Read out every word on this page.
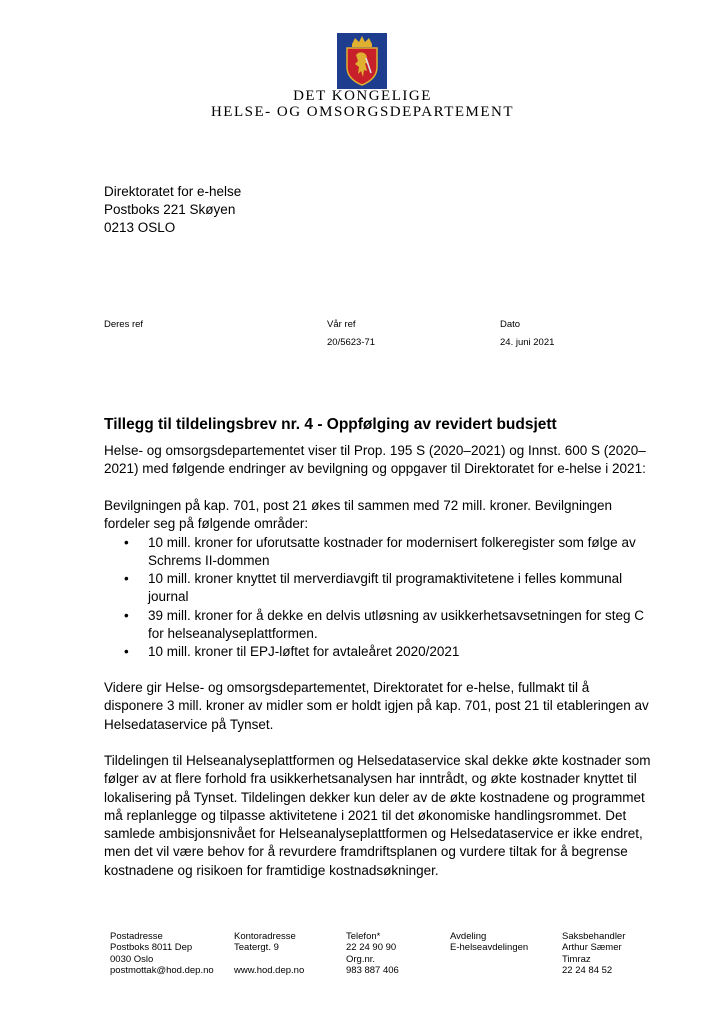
DET KONGELIGE
HELSE- OG OMSORGSDEPARTEMENT
Direktoratet for e-helse
Postboks 221 Skøyen
0213 OSLO
Deres ref	Vår ref
20/5623-71
Dato
24. juni 2021
Tillegg til tildelingsbrev nr. 4 - Oppfølging av revidert budsjett
Helse- og omsorgsdepartementet viser til Prop. 195 S (2020–2021) og Innst. 600 S (2020–
2021) med følgende endringer av bevilgning og oppgaver til Direktoratet for e-helse i 2021:
Bevilgningen på kap. 701, post 21 økes til sammen med 72 mill. kroner. Bevilgningen
fordeler seg på følgende områder:
• 10 mill. kroner for uforutsatte kostnader for modernisert folkeregister som følge av
Schrems II-dommen
• 10 mill. kroner knyttet til merverdiavgift til programaktivitetene i felles kommunal
journal
• 39 mill. kroner for å dekke en delvis utløsning av usikkerhetsavsetningen for steg C
for helseanalyseplattformen.
• 10 mill. kroner til EPJ-løftet for avtaleåret 2020/2021
Videre gir Helse- og omsorgsdepartementet, Direktoratet for e-helse, fullmakt til å
disponere 3 mill. kroner av midler som er holdt igjen på kap. 701, post 21 til etableringen av
Helsedataservice på Tynset.
Tildelingen til Helseanalyseplattformen og Helsedataservice skal dekke økte kostnader som
følger av at flere forhold fra usikkerhetsanalysen har inntrådt, og økte kostnader knyttet til
lokalisering på Tynset. Tildelingen dekker kun deler av de økte kostnadene og programmet
må replanlegge og tilpasse aktivitetene i 2021 til det økonomiske handlingsrommet. Det
samlede ambisjonsnivået for Helseanalyseplattformen og Helsedataservice er ikke endret,
men det vil være behov for å revurdere framdriftsplanen og vurdere tiltak for å begrense
kostnadene og risikoen for framtidige kostnadsøkninger.
Postadresse
Postboks 8011 Dep
0030 Oslo
postmottak@hod.dep.no
Kontoradresse
Teatergt. 9
www.hod.dep.no
Telefon*
22 24 90 90
Org.nr.
983 887 406
Avdeling
E-helseavdelingen
Saksbehandler
Arthur Sæmer
Timraz
22 24 84 52
